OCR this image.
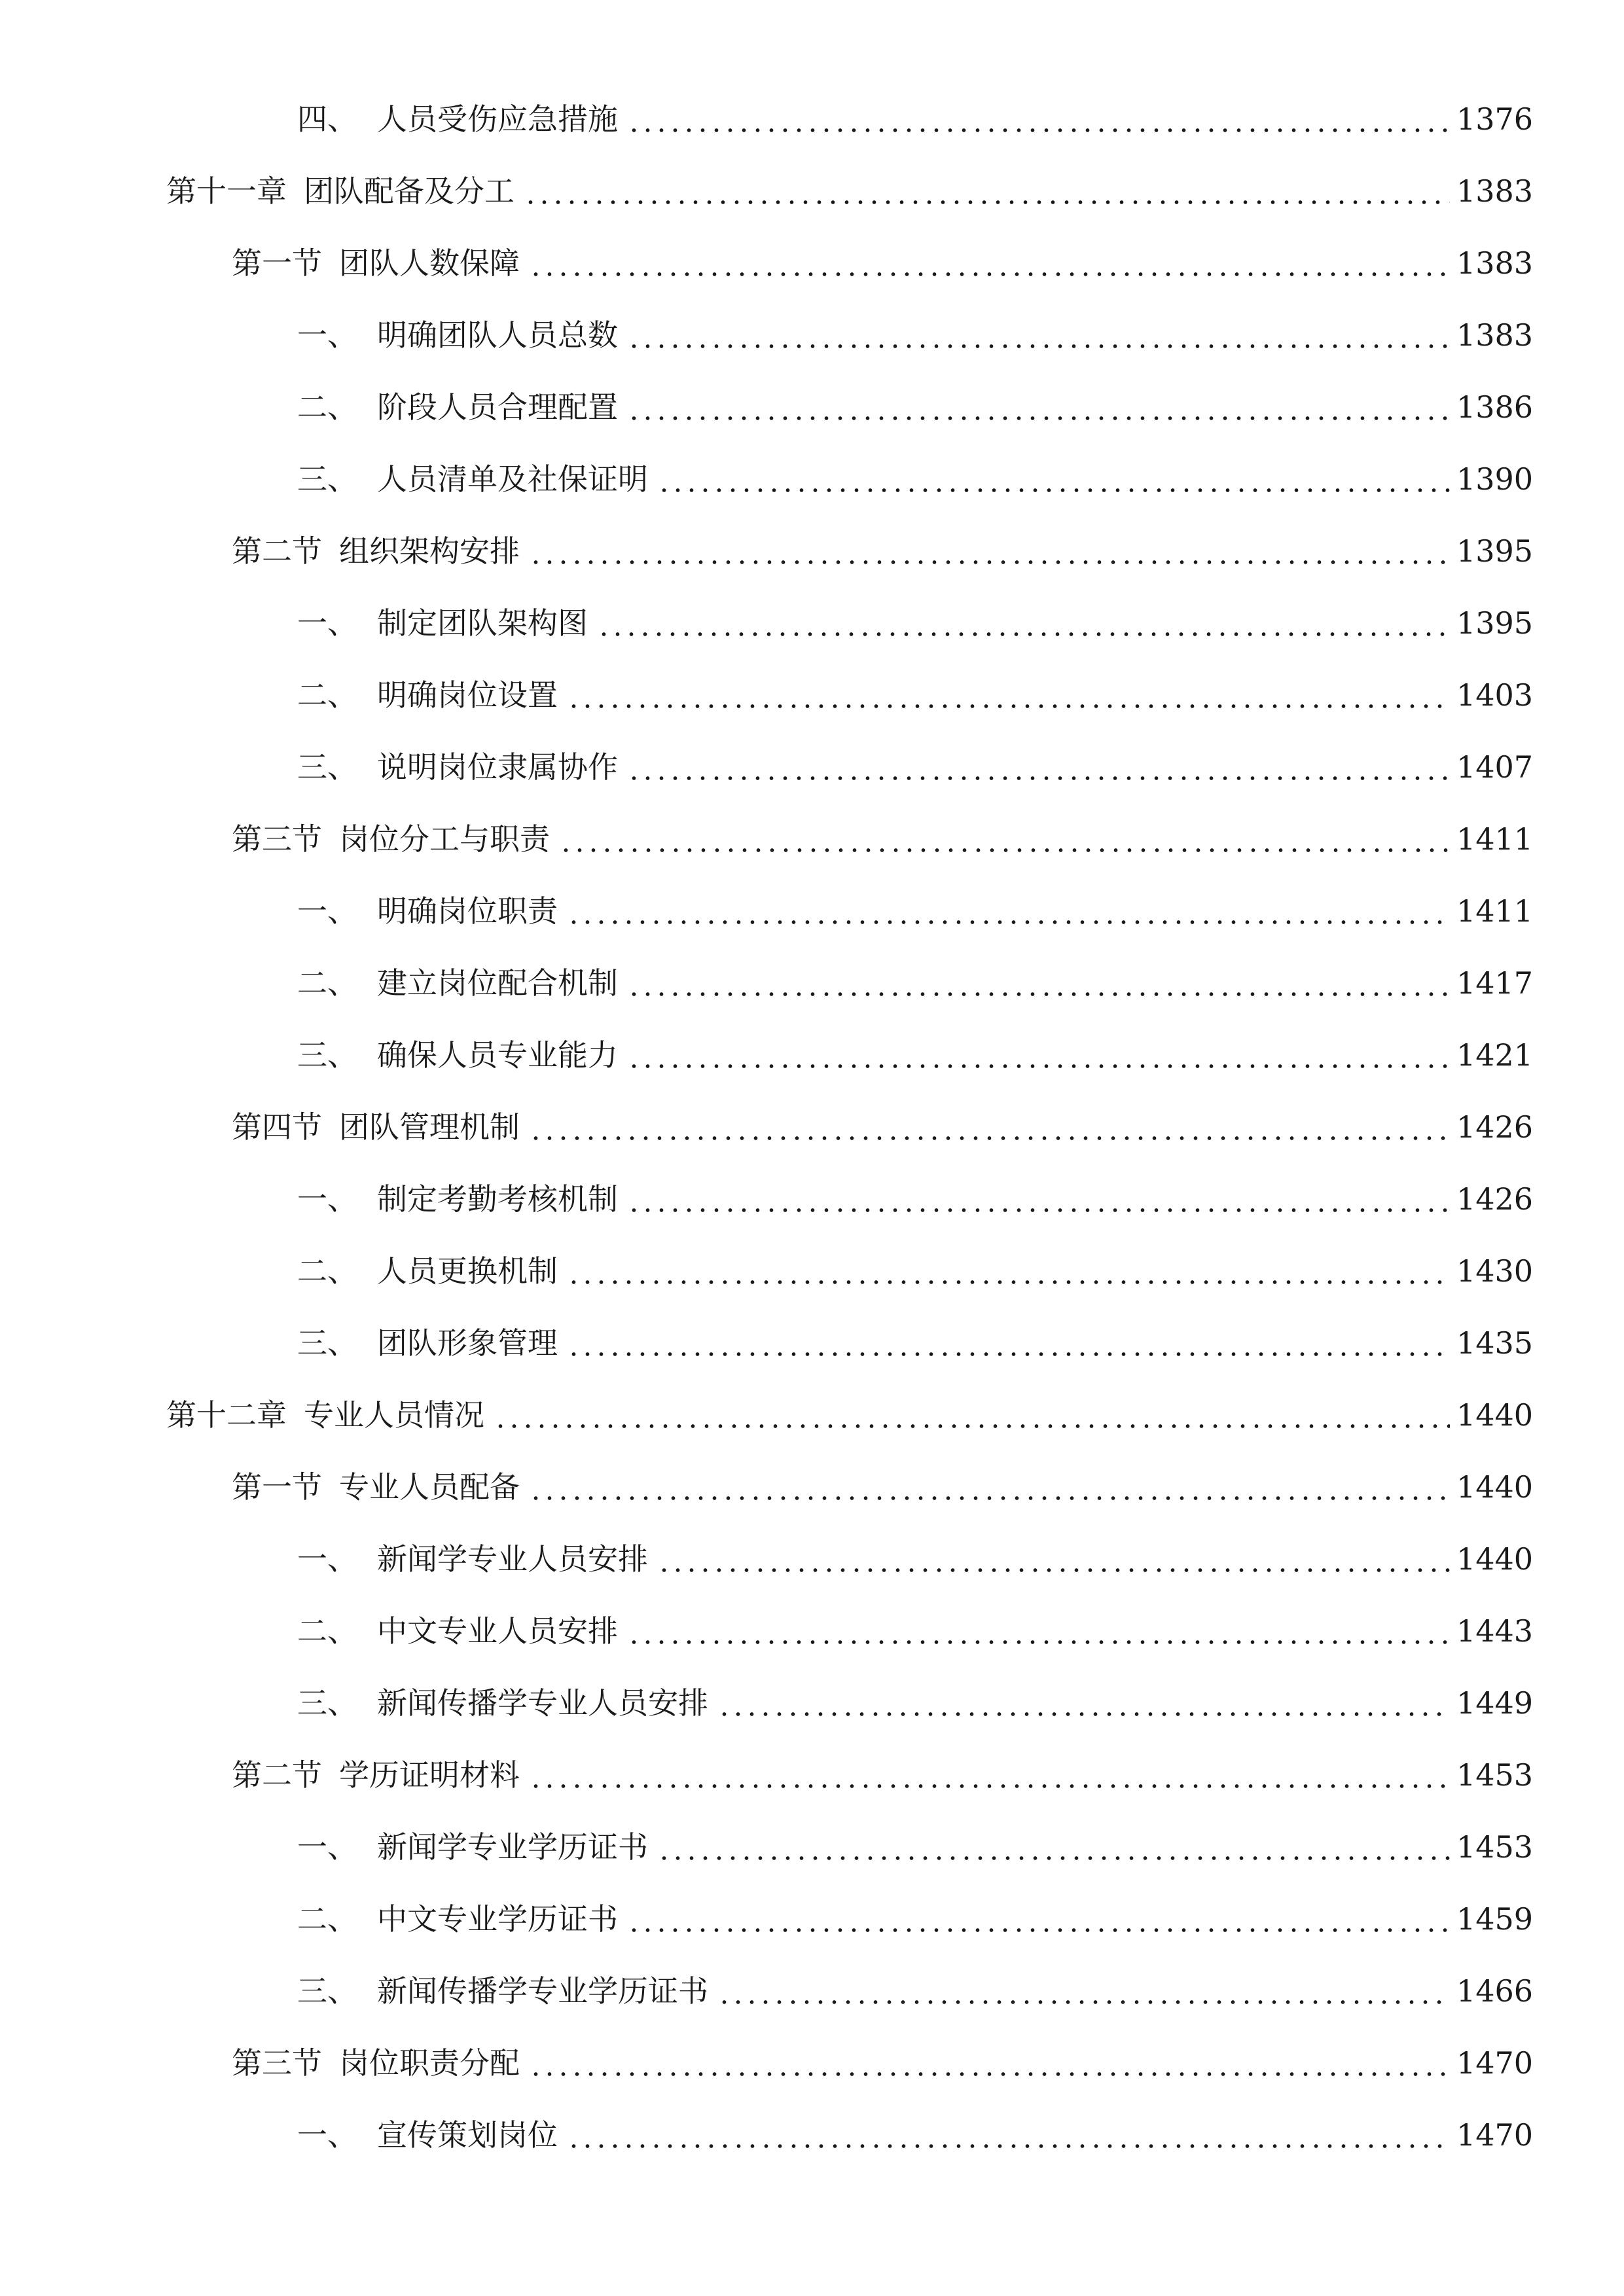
四、 人员受伤应急措施	1376
第十一章 团队配备及分工	1383
第一节 团队人数保障	1383
一、 明确团队人员总数	1383
二、 阶段人员合理配置	1386
三、 人员清单及社保证明	1390
第二节 组织架构安排	1395
一、 制定团队架构图	1395
二、 明确岗位设置	1403
三、 说明岗位隶属协作	1407
第三节 岗位分工与职责	1411
一、 明确岗位职责	1411
二、 建立岗位配合机制	1417
三、 确保人员专业能力	1421
第四节 团队管理机制	1426
一、 制定考勤考核机制	1426
二、 人员更换机制	1430
三、 团队形象管理	1435
第十二章 专业人员情况	1440
第一节 专业人员配备	1440
一、 新闻学专业人员安排	1440
二、 中文专业人员安排	1443
三、 新闻传播学专业人员安排	1449
第二节 学历证明材料	1453
一、 新闻学专业学历证书	1453
二、 中文专业学历证书	1459
三、 新闻传播学专业学历证书	1466
第三节 岗位职责分配	1470
一、 宣传策划岗位	1470
